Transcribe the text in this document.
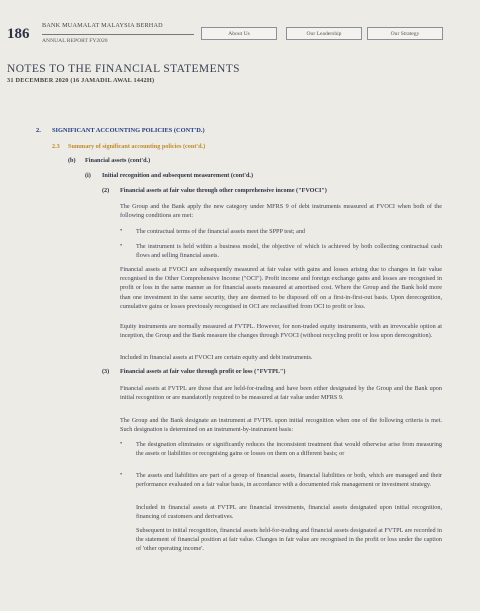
186
BANK MUAMALAT MALAYSIA BERHAD
ANNUAL REPORT FY2020
About Us	Our Leadership	Our Strategy
NOTES TO THE FINANCIAL STATEMENTS
31 DECEMBER 2020 (16 JAMADIL AWAL 1442H)
2. SIGNIFICANT ACCOUNTING POLICIES (CONT'D.)
2.3 Summary of significant accounting policies (cont'd.)
(b) Financial assets (cont'd.)
(i) Initial recognition and subsequent measurement (cont'd.)
(2) Financial assets at fair value through other comprehensive income ("FVOCI")
The Group and the Bank apply the new category under MFRS 9 of debt instruments measured at FVOCI when both of the following conditions are met:
• The contractual terms of the financial assets meet the SPPP test; and
• The instrument is held within a business model, the objective of which is achieved by both collecting contractual cash flows and selling financial assets.
Financial assets at FVOCI are subsequently measured at fair value with gains and losses arising due to changes in fair value recognised in the Other Comprehensive Income ("OCI"). Profit income and foreign exchange gains and losses are recognised in profit or loss in the same manner as for financial assets measured at amortised cost. Where the Group and the Bank hold more than one investment in the same security, they are deemed to be disposed off on a first-in-first-out basis. Upon derecognition, cumulative gains or losses previously recognised in OCI are reclassified from OCI to profit or loss.
Equity instruments are normally measured at FVTPL. However, for non-traded equity instruments, with an irrevocable option at inception, the Group and the Bank measure the changes through FVOCI (without recycling profit or loss upon derecognition).
Included in financial assets at FVOCI are certain equity and debt instruments.
(3) Financial assets at fair value through profit or loss ("FVTPL")
Financial assets at FVTPL are those that are held-for-trading and have been either designated by the Group and the Bank upon initial recognition or are mandatorily required to be measured at fair value under MFRS 9.
The Group and the Bank designate an instrument at FVTPL upon initial recognition when one of the following criteria is met. Such designation is determined on an instrument-by-instrument basis:
• The designation eliminates or significantly reduces the inconsistent treatment that would otherwise arise from measuring the assets or liabilities or recognising gains or losses on them on a different basis; or
• The assets and liabilities are part of a group of financial assets, financial liabilities or both, which are managed and their performance evaluated on a fair value basis, in accordance with a documented risk management or investment strategy.
Included in financial assets at FVTPL are financial investments, financial assets designated upon initial recognition, financing of customers and derivatives.
Subsequent to initial recognition, financial assets held-for-trading and financial assets designated at FVTPL are recorded in the statement of financial position at fair value. Changes in fair value are recognised in the profit or loss under the caption of 'other operating income'.
